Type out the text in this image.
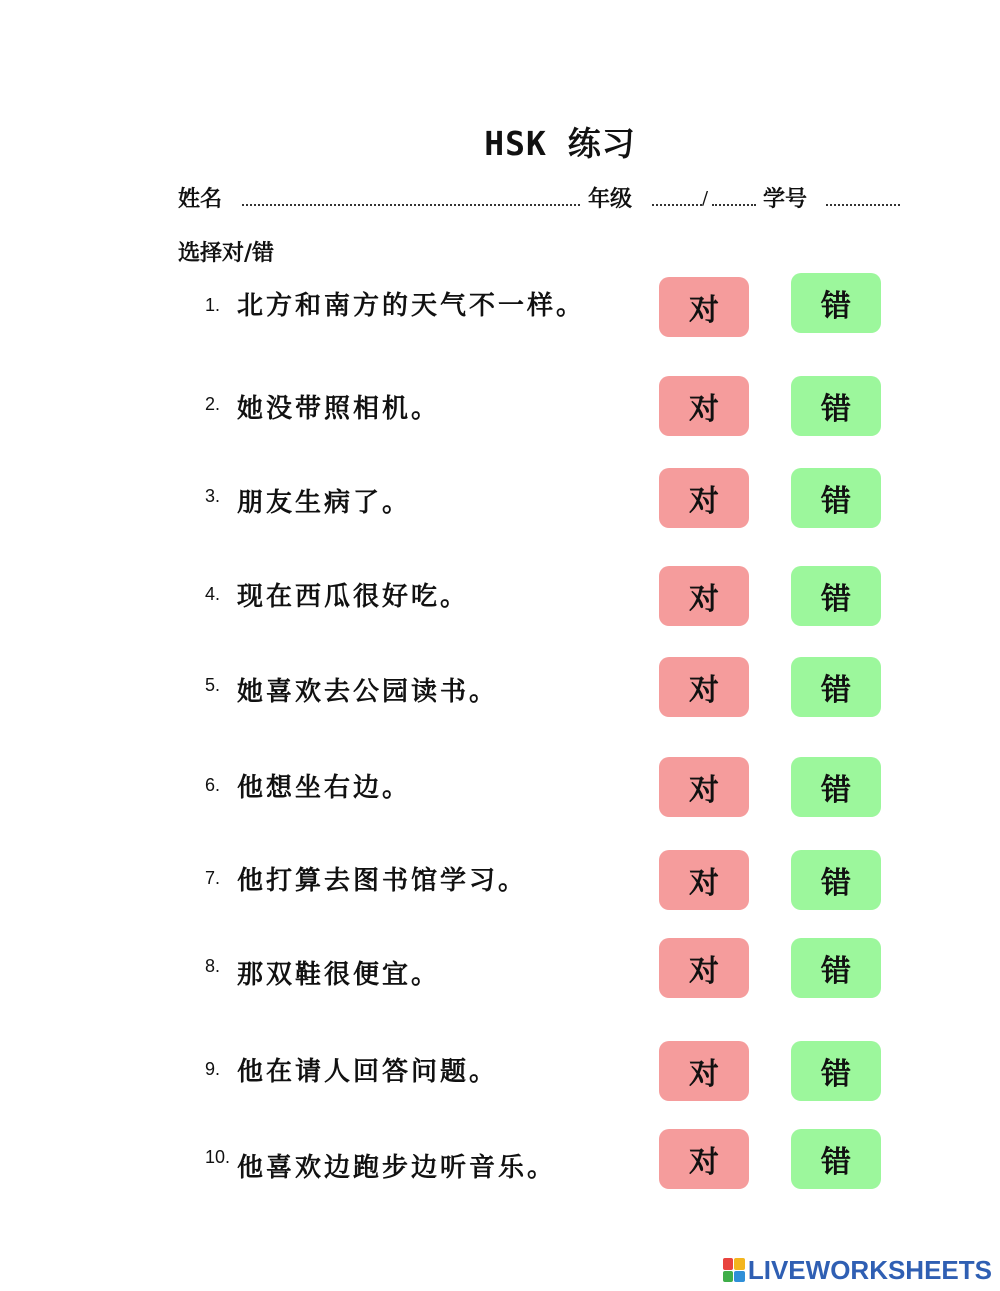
HSK 练习
姓名	年级	/ 学号
选择对/错
1. 北方和南方的天气不一样。	对	错
2. 她没带照相机。	对	错
3. 朋友生病了。	对	错
4. 现在西瓜很好吃。	对	错
5. 她喜欢去公园读书。	对	错
6. 他想坐右边。	对	错
7. 他打算去图书馆学习。	对	错
8. 那双鞋很便宜。	对	错
9. 他在请人回答问题。	对	错
10. 他喜欢边跑步边听音乐。	对	错
LIVEWORKSHEETS
